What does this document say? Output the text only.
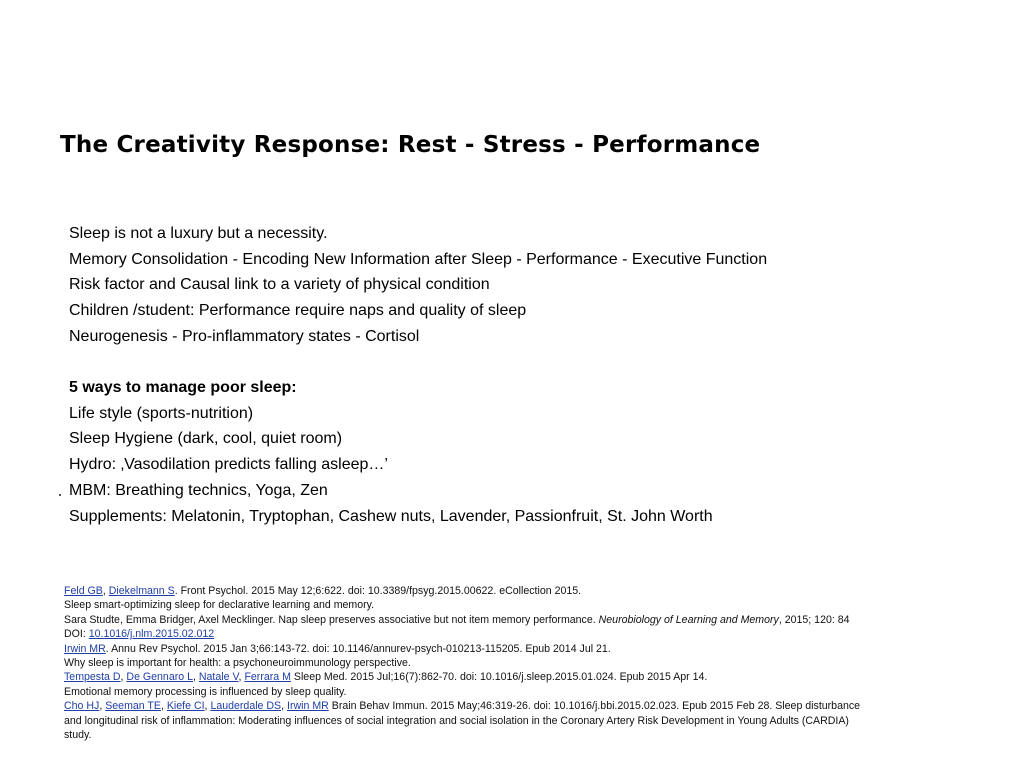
The Creativity Response: Rest - Stress - Performance
Sleep is not a luxury but a necessity.
Memory Consolidation - Encoding New Information after Sleep - Performance - Executive Function
Risk factor and Causal link to a variety of physical condition
Children /student: Performance require naps and quality of sleep
Neurogenesis - Pro-inflammatory states - Cortisol
5 ways to manage poor sleep:
Life style (sports-nutrition)
Sleep Hygiene (dark, cool, quiet room)
Hydro: ‚Vasodilation predicts falling asleep…’
MBM: Breathing technics, Yoga, Zen
Supplements: Melatonin, Tryptophan, Cashew nuts, Lavender, Passionfruit, St. John Worth
Feld GB, Diekelmann S. Front Psychol. 2015 May 12;6:622. doi: 10.3389/fpsyg.2015.00622. eCollection 2015.
Sleep smart-optimizing sleep for declarative learning and memory.
Sara Studte, Emma Bridger, Axel Mecklinger. Nap sleep preserves associative but not item memory performance. Neurobiology of Learning and Memory, 2015; 120: 84 DOI: 10.1016/j.nlm.2015.02.012
Irwin MR. Annu Rev Psychol. 2015 Jan 3;66:143-72. doi: 10.1146/annurev-psych-010213-115205. Epub 2014 Jul 21.
Why sleep is important for health: a psychoneuroimmunology perspective.
Tempesta D, De Gennaro L, Natale V, Ferrara M Sleep Med. 2015 Jul;16(7):862-70. doi: 10.1016/j.sleep.2015.01.024. Epub 2015 Apr 14.
Emotional memory processing is influenced by sleep quality.
Cho HJ, Seeman TE, Kiefe CI, Lauderdale DS, Irwin MR Brain Behav Immun. 2015 May;46:319-26. doi: 10.1016/j.bbi.2015.02.023. Epub 2015 Feb 28. Sleep disturbance and longitudinal risk of inflammation: Moderating influences of social integration and social isolation in the Coronary Artery Risk Development in Young Adults (CARDIA) study.
